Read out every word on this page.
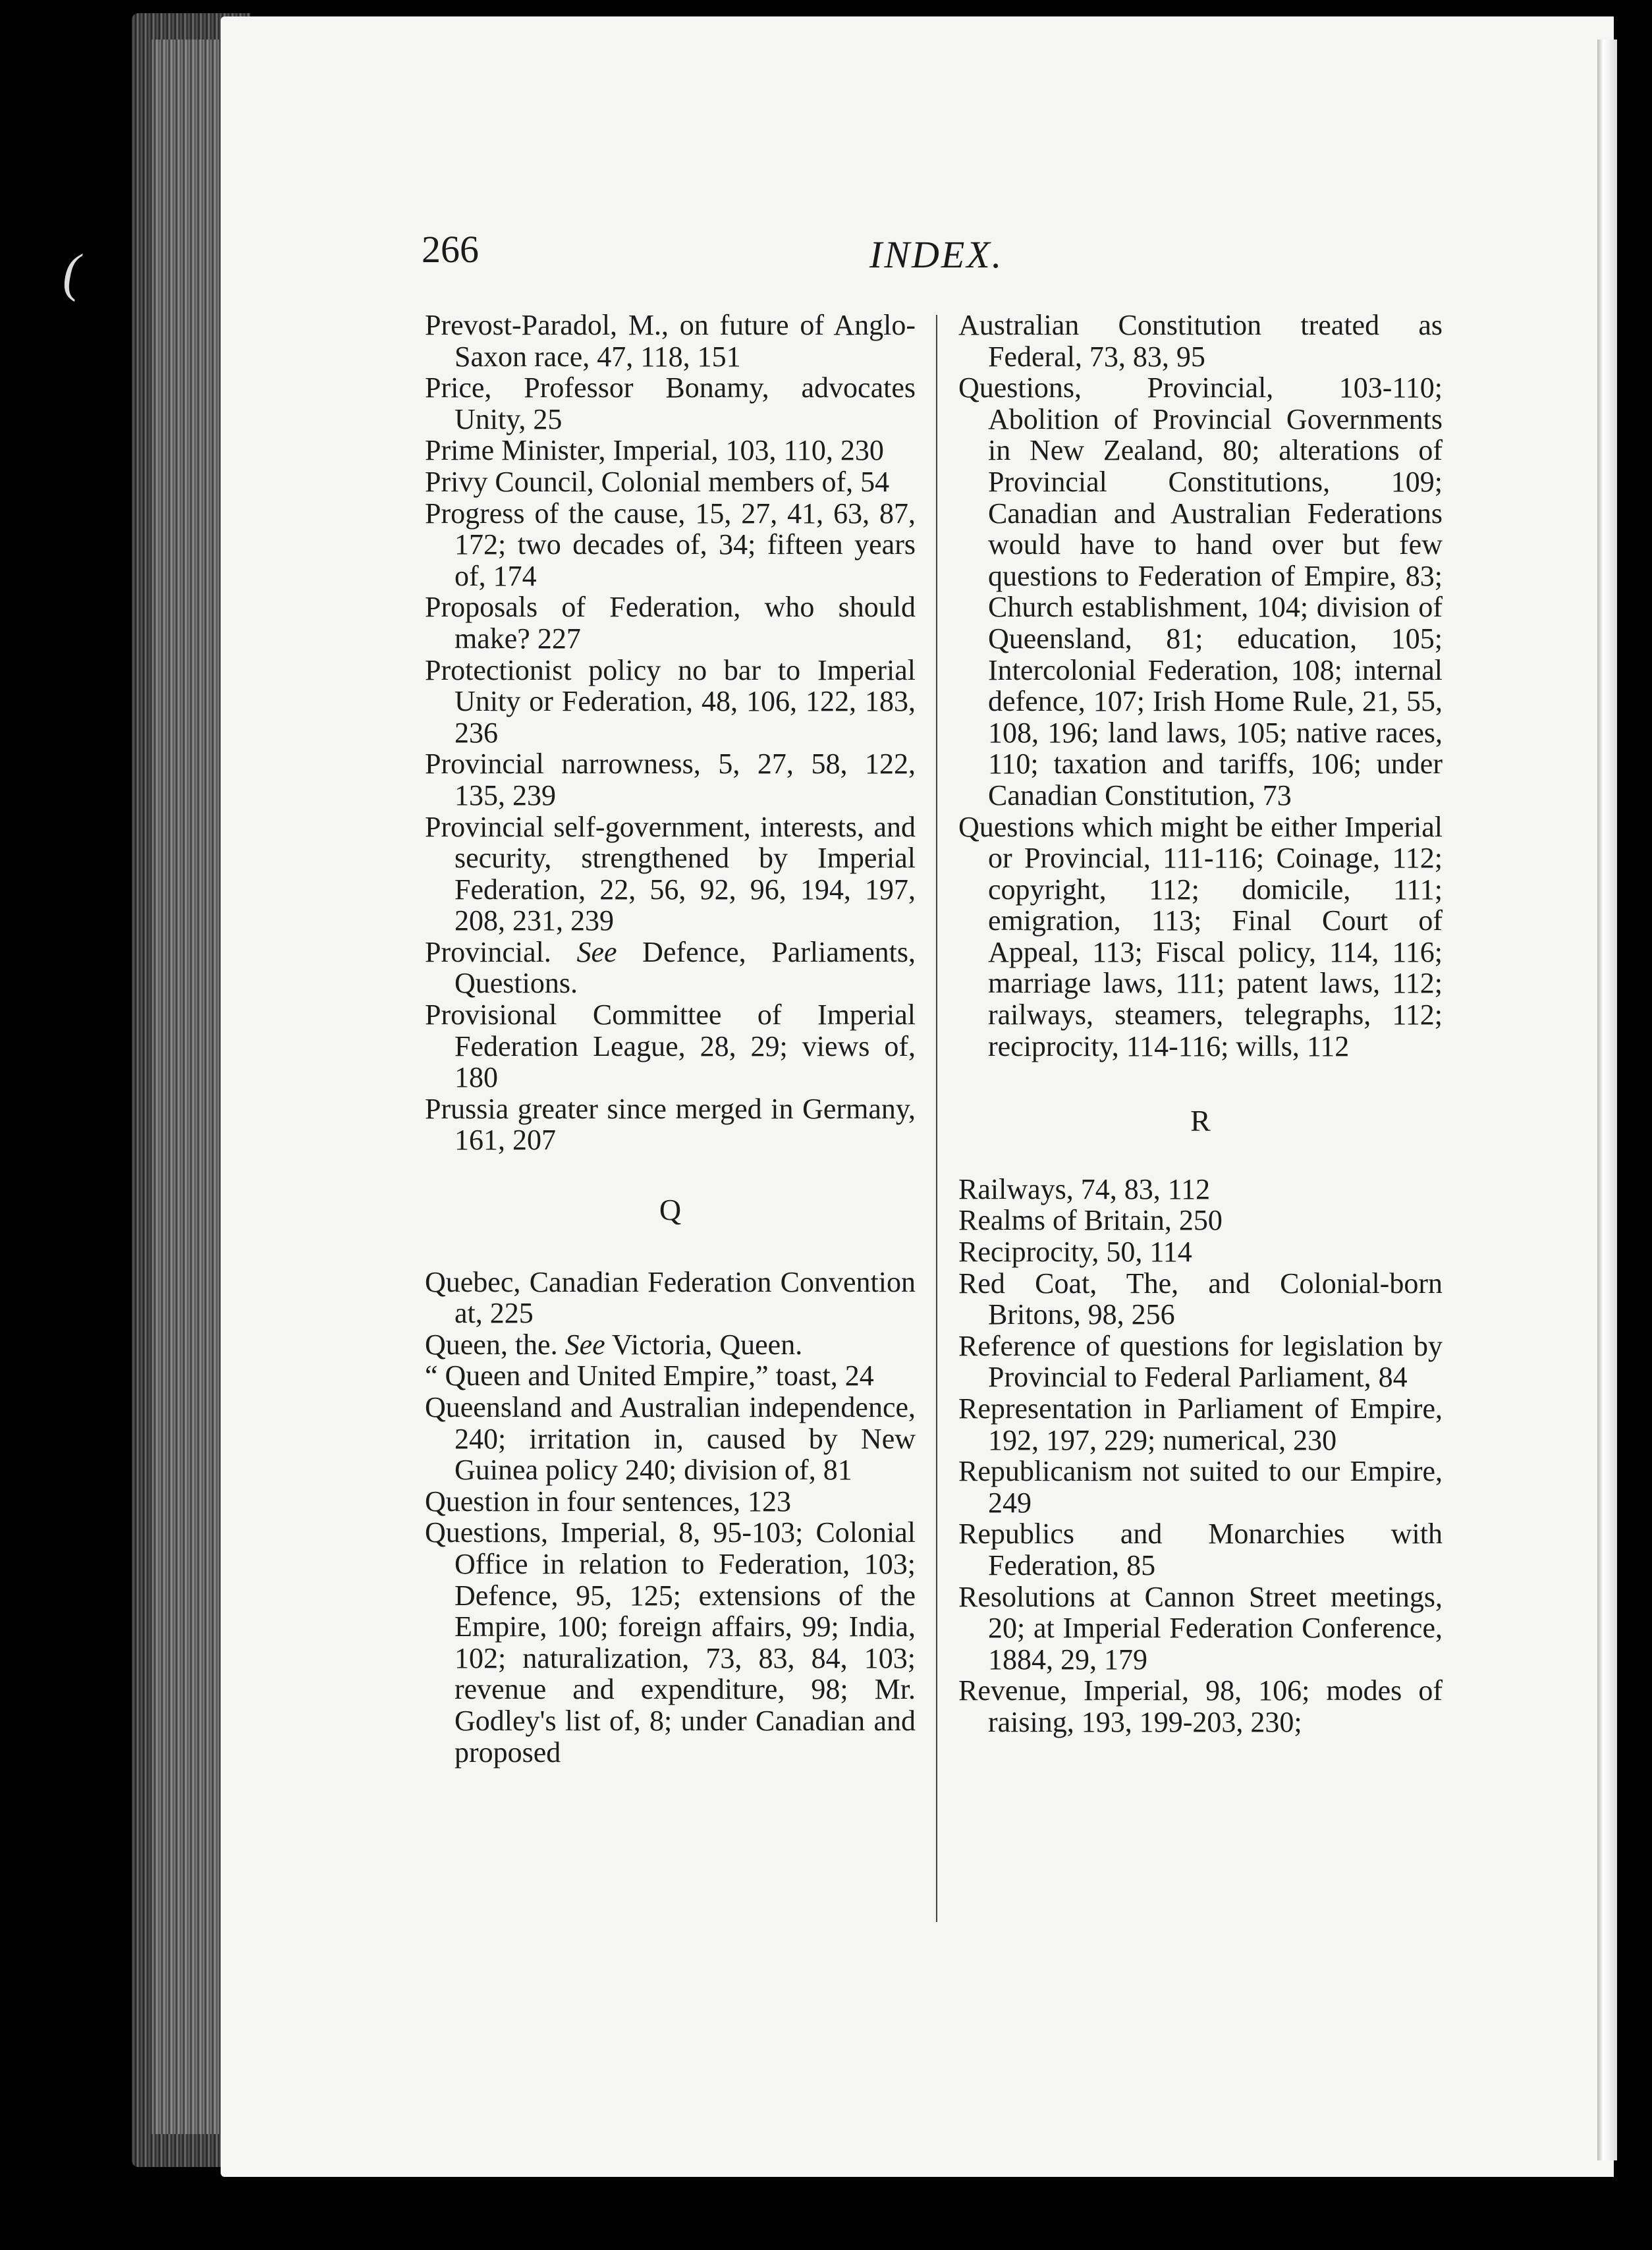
(	266	INDEX.

Prevost-Paradol, M., on future of Anglo-Saxon race, 47, 118, 151

Price, Professor Bonamy, advocates Unity, 25

Prime Minister, Imperial, 103, 110, 230

Privy Council, Colonial members of, 54

Progress of the cause, 15, 27, 41, 63, 87, 172; two decades of, 34; fifteen years of, 174

Proposals of Federation, who should make? 227

Protectionist policy no bar to Imperial Unity or Federation, 48, 106, 122, 183, 236

Provincial narrowness, 5, 27, 58, 122, 135, 239

Provincial self-government, interests, and security, strengthened by Imperial Federation, 22, 56, 92, 96, 194, 197, 208, 231, 239

Provincial. See Defence, Parliaments, Questions.

Provisional Committee of Imperial Federation League, 28, 29; views of, 180

Prussia greater since merged in Germany, 161, 207

Q

Quebec, Canadian Federation Convention at, 225

Queen, the. See Victoria, Queen.

“ Queen and United Empire,” toast, 24

Queensland and Australian independence, 240; irritation in, caused by New Guinea policy 240; division of, 81

Question in four sentences, 123

Questions, Imperial, 8, 95-103; Colonial Office in relation to Federation, 103; Defence, 95, 125; extensions of the Empire, 100; foreign affairs, 99; India, 102; naturalization, 73, 83, 84, 103; revenue and expenditure, 98; Mr. Godley's list of, 8; under Canadian and proposed

Australian Constitution treated as Federal, 73, 83, 95

Questions, Provincial, 103-110; Abolition of Provincial Governments in New Zealand, 80; alterations of Provincial Constitutions, 109; Canadian and Australian Federations would have to hand over but few questions to Federation of Empire, 83; Church establishment, 104; division of Queensland, 81; education, 105; Intercolonial Federation, 108; internal defence, 107; Irish Home Rule, 21, 55, 108, 196; land laws, 105; native races, 110; taxation and tariffs, 106; under Canadian Constitution, 73

Questions which might be either Imperial or Provincial, 111-116; Coinage, 112; copyright, 112; domicile, 111; emigration, 113; Final Court of Appeal, 113; Fiscal policy, 114, 116; marriage laws, 111; patent laws, 112; railways, steamers, telegraphs, 112; reciprocity, 114-116; wills, 112

R

Railways, 74, 83, 112

Realms of Britain, 250

Reciprocity, 50, 114

Red Coat, The, and Colonial-born Britons, 98, 256

Reference of questions for legislation by Provincial to Federal Parliament, 84

Representation in Parliament of Empire, 192, 197, 229; numerical, 230

Republicanism not suited to our Empire, 249

Republics and Monarchies with Federation, 85

Resolutions at Cannon Street meetings, 20; at Imperial Federation Conference, 1884, 29, 179

Revenue, Imperial, 98, 106; modes of raising, 193, 199-203, 230;
